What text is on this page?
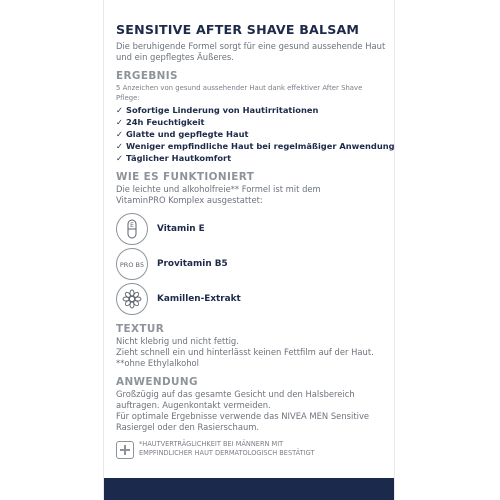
SENSITIVE AFTER SHAVE BALSAM
Die beruhigende Formel sorgt für eine gesund aussehende Haut
und ein gepflegtes Äußeres.
ERGEBNIS
5 Anzeichen von gesund aussehender Haut dank effektiver After Shave Pflege:
✓ Sofortige Linderung von Hautirritationen
✓ 24h Feuchtigkeit
✓ Glatte und gepflegte Haut
✓ Weniger empfindliche Haut bei regelmäßiger Anwendung
✓ Täglicher Hautkomfort
WIE ES FUNKTIONIERT
Die leichte und alkoholfreie** Formel ist mit dem
VitaminPRO Komplex ausgestattet:
E	Vitamin E
PRO B5 Provitamin B5
Kamillen-Extrakt
TEXTUR
Nicht klebrig und nicht fettig.
Zieht schnell ein und hinterlässt keinen Fettfilm auf der Haut.
**ohne Ethylalkohol
ANWENDUNG
Großzügig auf das gesamte Gesicht und den Halsbereich
auftragen. Augenkontakt vermeiden.
Für optimale Ergebnisse verwende das NIVEA MEN Sensitive
Rasiergel oder den Rasierschaum.
*HAUTVERTRÄGLICHKEIT BEI MÄNNERN MIT
EMPFINDLICHER HAUT DERMATOLOGISCH BESTÄTIGT
